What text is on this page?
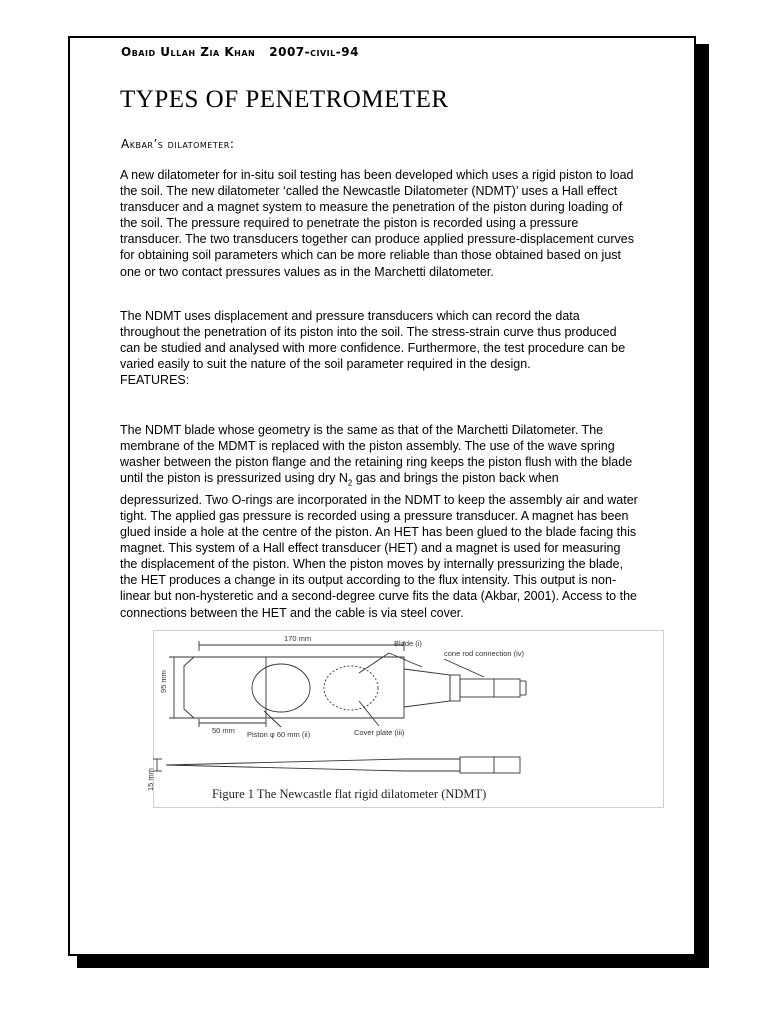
Obaid Ullah Zia Khan   2007-civil-94
TYPES OF PENETROMETER
Akbar’s dilatometer:
A new dilatometer for in-situ soil testing has been developed which uses a rigid piston to load the soil. The new dilatometer ‘called the Newcastle Dilatometer (NDMT)’ uses a Hall effect transducer and a magnet system to measure the penetration of the piston during loading of the soil. The pressure required to penetrate the piston is recorded using a pressure transducer. The two transducers together can produce applied pressure-displacement curves for obtaining soil parameters which can be more reliable than those obtained based on just one or two contact pressures values as in the Marchetti dilatometer.
The NDMT uses displacement and pressure transducers which can record the data throughout the penetration of its piston into the soil. The stress-strain curve thus produced can be studied and analysed with more confidence. Furthermore, the test procedure can be varied easily to suit the nature of the soil parameter required in the design.
FEATURES:
The NDMT blade whose geometry is the same as that of the Marchetti Dilatometer. The membrane of the MDMT is replaced with the piston assembly. The use of the wave spring washer between the piston flange and the retaining ring keeps the piston flush with the blade until the piston is pressurized using dry $N_2$ gas and brings the piston back when depressurized. Two O-rings are incorporated in the NDMT to keep the assembly air and water tight. The applied gas pressure is recorded using a pressure transducer. A magnet has been glued inside a hole at the centre of the piston. An HET has been glued to the blade facing this magnet. This system of a Hall effect transducer (HET) and a magnet is used for measuring the displacement of the piston. When the piston moves by internally pressurizing the blade, the HET produces a change in its output according to the flux intensity. This output is non-linear but non-hysteretic and a second-degree curve fits the data (Akbar, 2001). Access to the connections between the HET and the cable is via steel cover.
170 mm
50 mm
95 mm
15 mm
Blade (i)
cone rod connection (iv)
Piston φ 60 mm (ii)	Cover plate (iii)
Figure 1 The Newcastle flat rigid dilatometer (NDMT)
